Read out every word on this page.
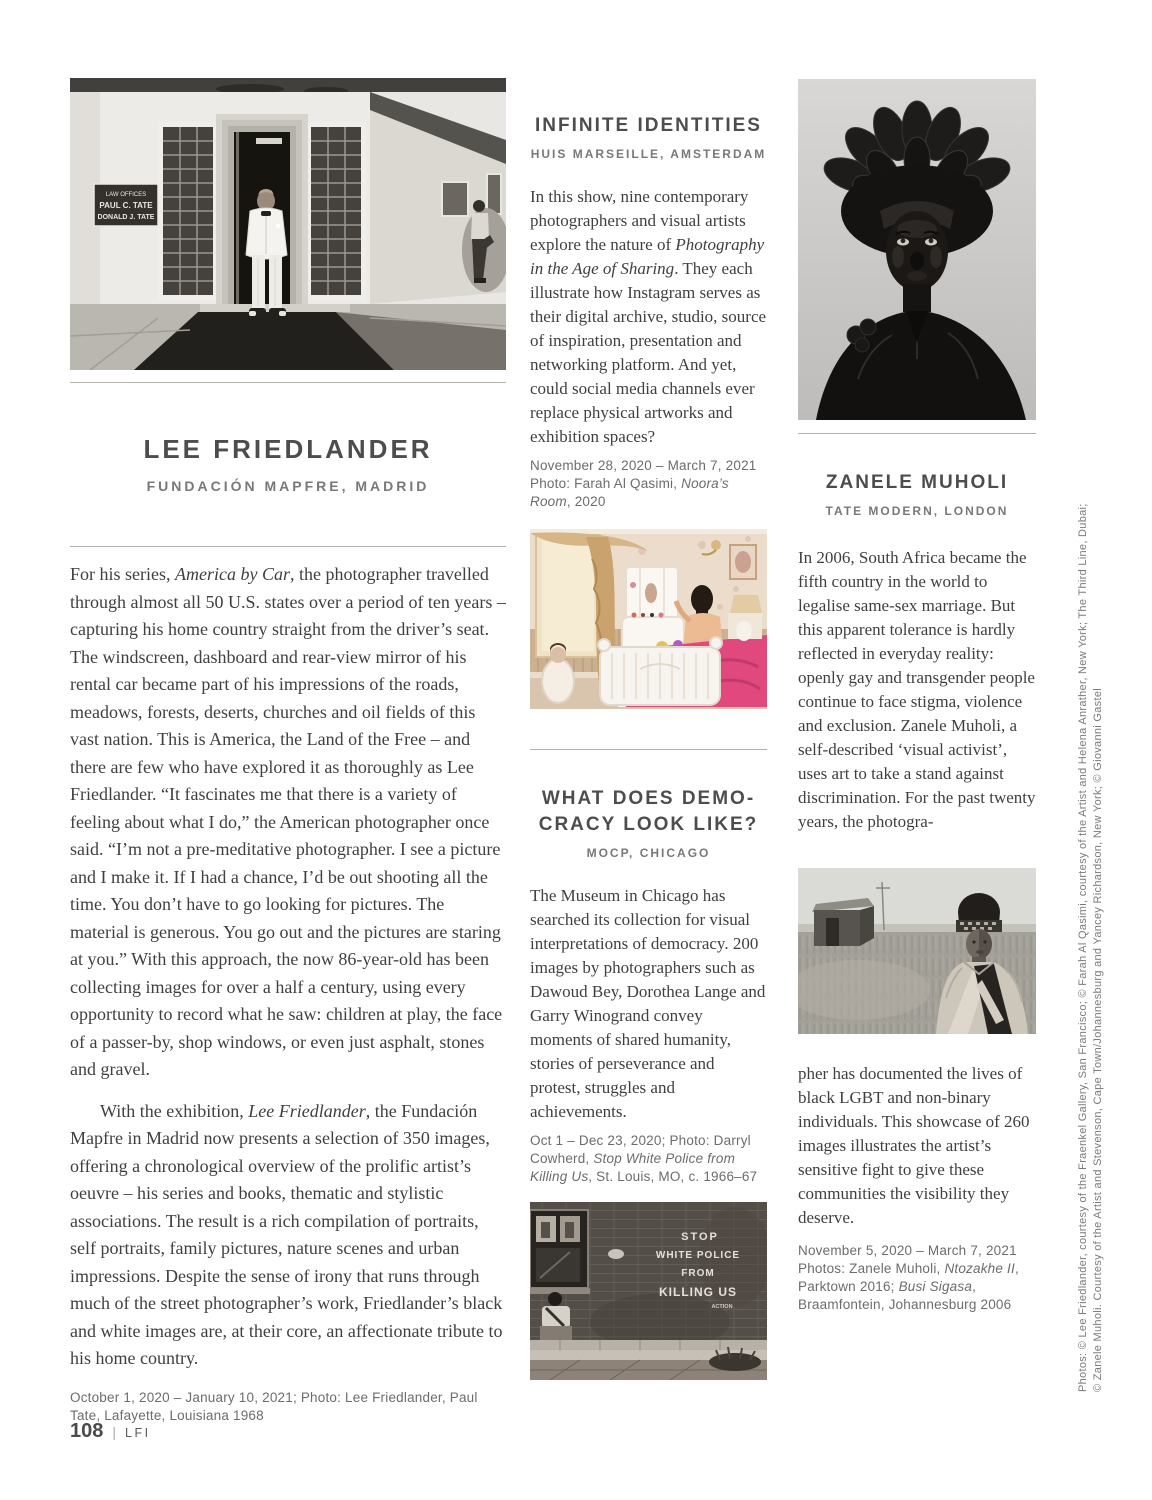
LAW OFFICES
PAUL C. TATE
DONALD J. TATE
LEE FRIEDLANDER
FUNDACIÓN MAPFRE, MADRID

For his series, America by Car, the photographer travelled through almost all 50 U.S. states over a period of ten years – capturing his home country straight from the driver’s seat. The windscreen, dashboard and rear-view mirror of his rental car became part of his impressions of the roads, meadows, forests, deserts, churches and oil fields of this vast nation. This is America, the Land of the Free – and there are few who have explored it as thoroughly as Lee Friedlander. “It fascinates me that there is a variety of feeling about what I do,” the American photographer once said. “I’m not a pre-meditative photographer. I see a picture and I make it. If I had a chance, I’d be out shooting all the time. You don’t have to go looking for pictures. The material is generous. You go out and the pictures are staring at you.” With this approach, the now 86-year-old has been collecting images for over a half a century, using every opportunity to record what he saw: children at play, the face of a passer-by, shop windows, or even just asphalt, stones and gravel.

With the exhibition, Lee Friedlander, the Fundación Mapfre in Madrid now presents a selection of 350 images, offering a chronological overview of the prolific artist’s oeuvre – his series and books, thematic and stylistic associations. The result is a rich compilation of portraits, self portraits, family pictures, nature scenes and urban impressions. Despite the sense of irony that runs through much of the street photographer’s work, Friedlander’s black and white images are, at their core, an affectionate tribute to his home country.

October 1, 2020 – January 10, 2021; Photo: Lee Friedlander, Paul Tate, Lafayette, Louisiana 1968

INFINITE IDENTITIES
HUIS MARSEILLE, AMSTERDAM

In this show, nine contemporary photographers and visual artists explore the nature of Photography in the Age of Sharing. They each illustrate how Instagram serves as their digital archive, studio, source of inspiration, presentation and networking platform. And yet, could social media channels ever replace physical artworks and exhibition spaces?

November 28, 2020 – March 7, 2021 Photo: Farah Al Qasimi, Noora’s Room, 2020

WHAT DOES DEMO-CRACY LOOK LIKE?
MOCP, CHICAGO

The Museum in Chicago has searched its collection for visual interpretations of democracy. 200 images by photographers such as Dawoud Bey, Dorothea Lange and Garry Winogrand convey moments of shared humanity, stories of perseverance and protest, struggles and achievements.

Oct 1 – Dec 23, 2020; Photo: Darryl Cowherd, Stop White Police from Killing Us, St. Louis, MO, c. 1966–67

STOP
WHITE POLICE
FROM
KILLING US
ACTION
ZANELE MUHOLI
TATE MODERN, LONDON

In 2006, South Africa became the fifth country in the world to legalise same-sex marriage. But this apparent tolerance is hardly reflected in everyday reality: openly gay and transgender people continue to face stigma, violence and exclusion. Zanele Muholi, a self-described ‘visual activist’, uses art to take a stand against discrimination. For the past twenty years, the photogra-

pher has documented the lives of black LGBT and non-binary individuals. This showcase of 260 images illustrates the artist’s sensitive fight to give these communities the visibility they deserve.

November 5, 2020 – March 7, 2021 Photos: Zanele Muholi, Ntozakhe II, Parktown 2016; Busi Sigasa, Braamfontein, Johannesburg 2006	Photos: © Lee Friedlander, courtesy of the Fraenkel Gallery, San Francisco; © Farah Al Qasimi, courtesy of the Artist and Helena Anrather, New York; The Third Line, Dubai; © Zanele Muholi. Courtesy of the Artist and Stevenson, Cape Town/Johannesburg and Yancey Richardson, New York; © Giovanni Gastel
108 | LFI
